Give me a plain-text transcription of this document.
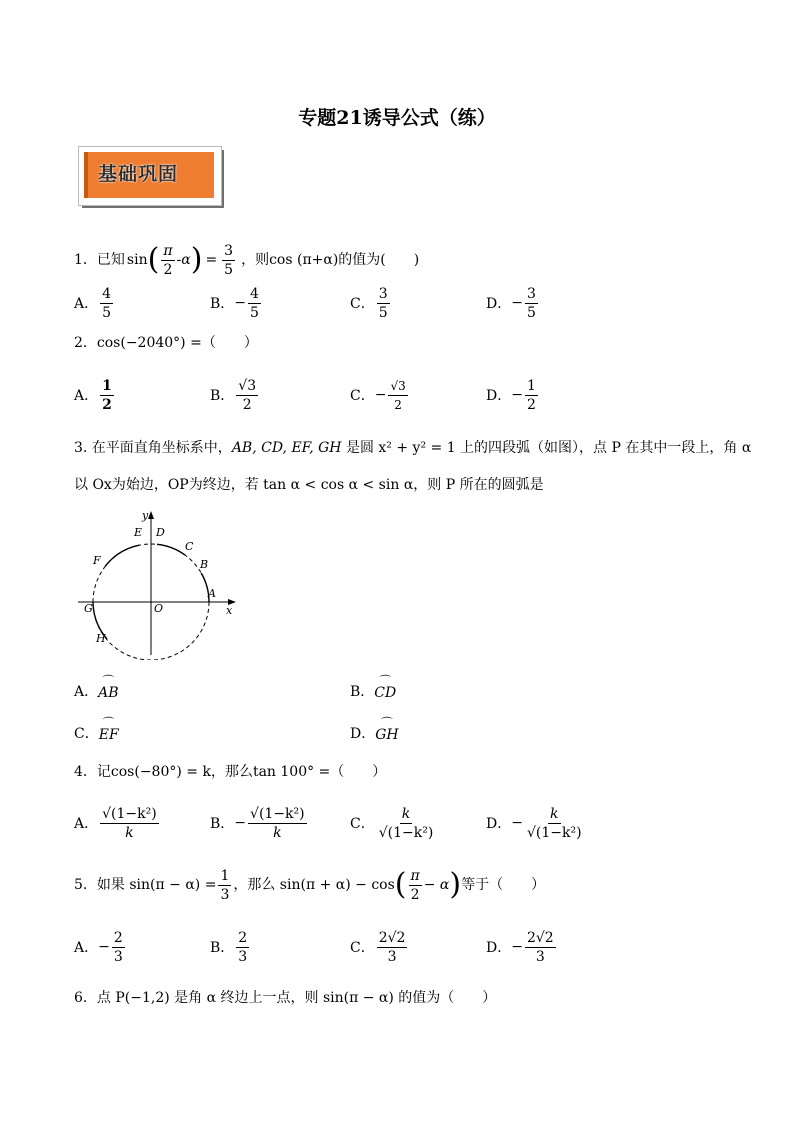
专题21诱导公式（练）
基础巩固
1．已知 sin ( $\frac{\pi}{2} -\alpha$ ) = $\frac{3}{5}$ ，则cos (π+α)的值为(　　)
A． $\frac{4}{5}$	B． − $\frac{4}{5}$	C． $\frac{3}{5}$	D． − $\frac{3}{5}$
2．cos(−2040°) =（　　）
A． $\frac{1}{2}$	B． $\frac{√3}{2}$	C． − $\frac{√3}{2}$	D． − $\frac{1}{2}$
3. 在平面直角坐标系中，AB, CD, EF, GH 是圆 x² + y² = 1 上的四段弧（如图），点 P 在其中一段上，角 α
以 Ox为始边，OP为终边，若 tan α < cos α < sin α，则 P 所在的圆弧是
y
E D
C
F	B
A
G	O	x
H
A． ⌒ AB	B． ⌒ CD
C． ⌒ EF	D． ⌒ GH
4．记cos(−80°) = k，那么tan 100° =（　　）
A． $\frac{\text{√(1−k²)}}{k}$	B． − $\frac{\text{√(1−k²)}}{k}$	C． $\frac{k}{\text{√(1−k²)}}$	D． − $\frac{k}{\text{√(1−k²)}}$
5．如果 $\sin(\pi - \alpha) = \frac{1}{3}$ ，那么 sin(π + α) − cos ( $\frac{\pi}{2} - \alpha$ ) 等于（　　）
A． − $\frac{2}{3}$	B． $\frac{2}{3}$	C． $\frac{2√2}{3}$	D． − $\frac{2√2}{3}$
6．点 P(−1,2) 是角 α 终边上一点，则 sin(π − α) 的值为（　　）
